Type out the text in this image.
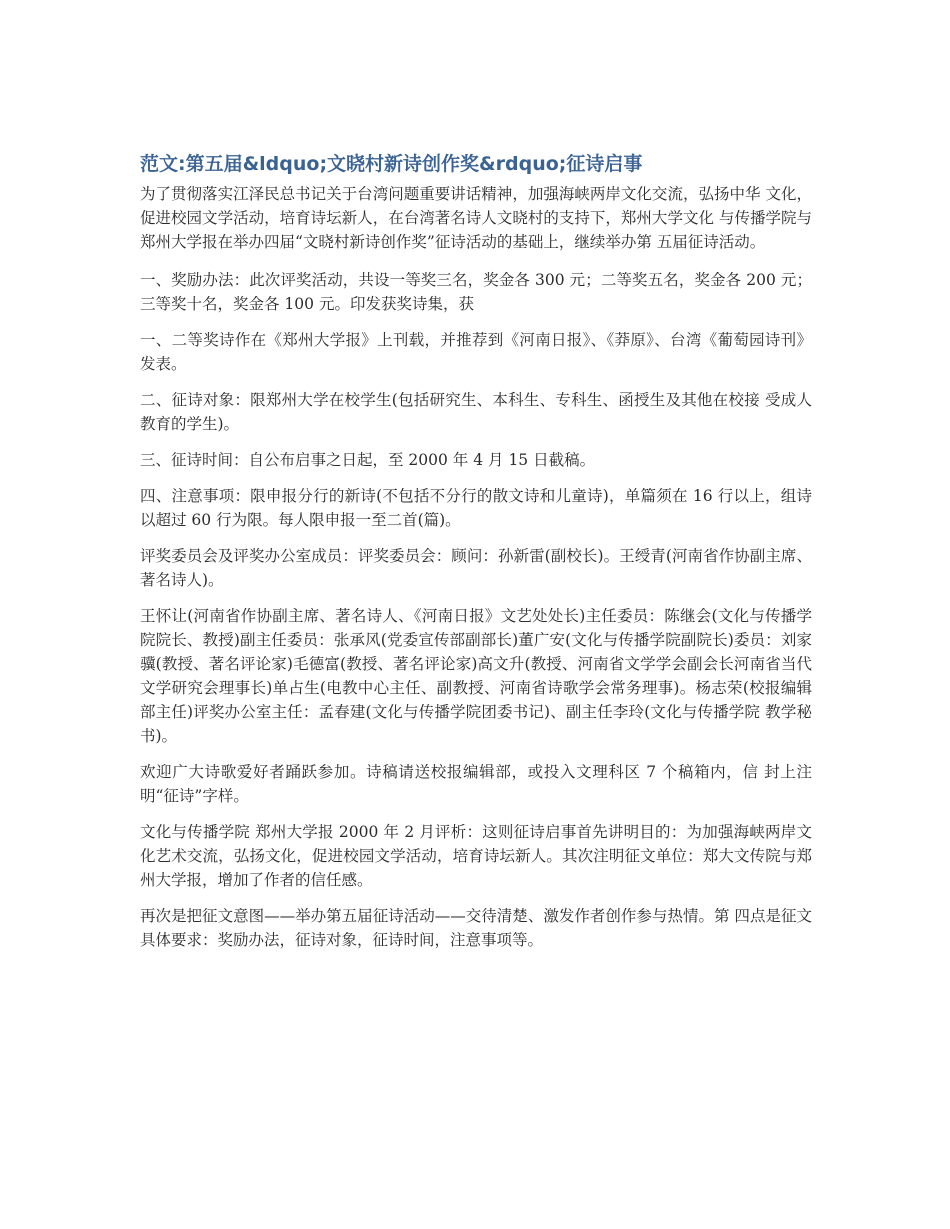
范文:第五届&ldquo;文晓村新诗创作奖&rdquo;征诗启事

为了贯彻落实江泽民总书记关于台湾问题重要讲话精神，加强海峡两岸文化交流，弘扬中华 文化，促进校园文学活动，培育诗坛新人，在台湾著名诗人文晓村的支持下，郑州大学文化 与传播学院与郑州大学报在举办四届“文晓村新诗创作奖”征诗活动的基础上，继续举办第 五届征诗活动。

一、奖励办法：此次评奖活动，共设一等奖三名，奖金各 300 元；二等奖五名，奖金各 200 元；三等奖十名，奖金各 100 元。印发获奖诗集，获

一、二等奖诗作在《郑州大学报》上刊载，并推荐到《河南日报》、《莽原》、台湾《葡萄园诗刊》发表。

二、征诗对象：限郑州大学在校学生(包括研究生、本科生、专科生、函授生及其他在校接 受成人教育的学生)。

三、征诗时间：自公布启事之日起，至 2000 年 4 月 15 日截稿。

四、注意事项：限申报分行的新诗(不包括不分行的散文诗和儿童诗)，单篇须在 16 行以上，组诗以超过 60 行为限。每人限申报一至二首(篇)。

评奖委员会及评奖办公室成员：评奖委员会：顾问：孙新雷(副校长)。王绶青(河南省作协副主席、著名诗人)。

王怀让(河南省作协副主席、著名诗人、《河南日报》文艺处处长)主任委员：陈继会(文化与传播学院院长、教授)副主任委员：张承风(党委宣传部副部长)董广安(文化与传播学院副院长)委员：刘家骥(教授、著名评论家)毛德富(教授、著名评论家)高文升(教授、河南省文学学会副会长河南省当代文学研究会理事长)单占生(电教中心主任、副教授、河南省诗歌学会常务理事)。杨志荣(校报编辑部主任)评奖办公室主任：孟春建(文化与传播学院团委书记)、副主任李玲(文化与传播学院 教学秘书)。

欢迎广大诗歌爱好者踊跃参加。诗稿请送校报编辑部，或投入文理科区 7 个稿箱内，信 封上注明“征诗”字样。

文化与传播学院 郑州大学报 2000 年 2 月评析：这则征诗启事首先讲明目的：为加强海峡两岸文化艺术交流，弘扬文化，促进校园文学活动，培育诗坛新人。其次注明征文单位：郑大文传院与郑州大学报，增加了作者的信任感。

再次是把征文意图——举办第五届征诗活动——交待清楚、激发作者创作参与热情。第 四点是征文具体要求：奖励办法，征诗对象，征诗时间，注意事项等。
